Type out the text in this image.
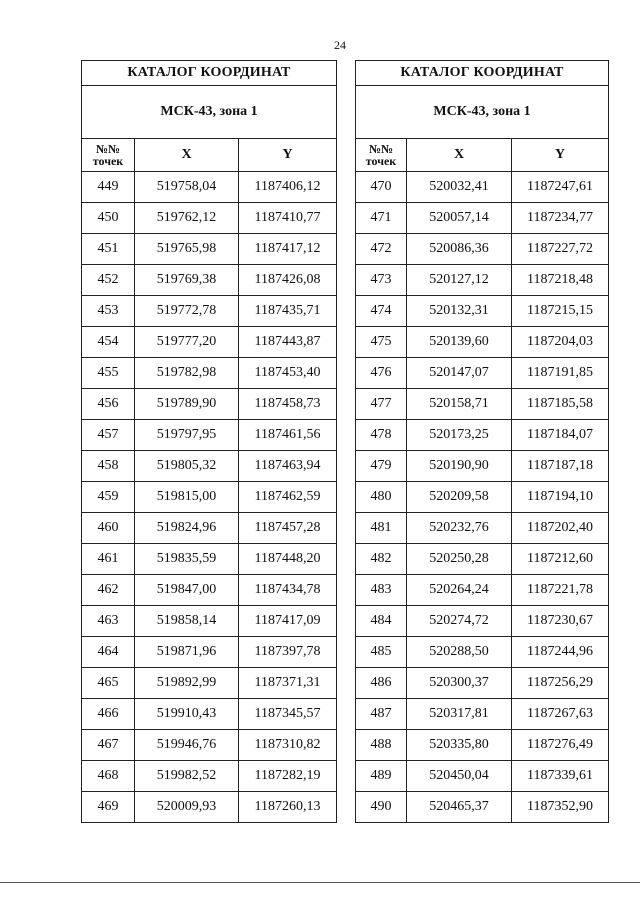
24
КАТАЛОГ КООРДИНАТ		
МСК-43, зона 1		
№№
точек	X	Y
449	519758,04	1187406,12
450	519762,12	1187410,77
451	519765,98	1187417,12
452	519769,38	1187426,08
453	519772,78	1187435,71
454	519777,20	1187443,87
455	519782,98	1187453,40
456	519789,90	1187458,73
457	519797,95	1187461,56
458	519805,32	1187463,94
459	519815,00	1187462,59
460	519824,96	1187457,28
461	519835,59	1187448,20
462	519847,00	1187434,78
463	519858,14	1187417,09
464	519871,96	1187397,78
465	519892,99	1187371,31
466	519910,43	1187345,57
467	519946,76	1187310,82
468	519982,52	1187282,19
469	520009,93	1187260,13
КАТАЛОГ КООРДИНАТ		
МСК-43, зона 1		
№№
точек	X	Y
470	520032,41	1187247,61
471	520057,14	1187234,77
472	520086,36	1187227,72
473	520127,12	1187218,48
474	520132,31	1187215,15
475	520139,60	1187204,03
476	520147,07	1187191,85
477	520158,71	1187185,58
478	520173,25	1187184,07
479	520190,90	1187187,18
480	520209,58	1187194,10
481	520232,76	1187202,40
482	520250,28	1187212,60
483	520264,24	1187221,78
484	520274,72	1187230,67
485	520288,50	1187244,96
486	520300,37	1187256,29
487	520317,81	1187267,63
488	520335,80	1187276,49
489	520450,04	1187339,61
490	520465,37	1187352,90
